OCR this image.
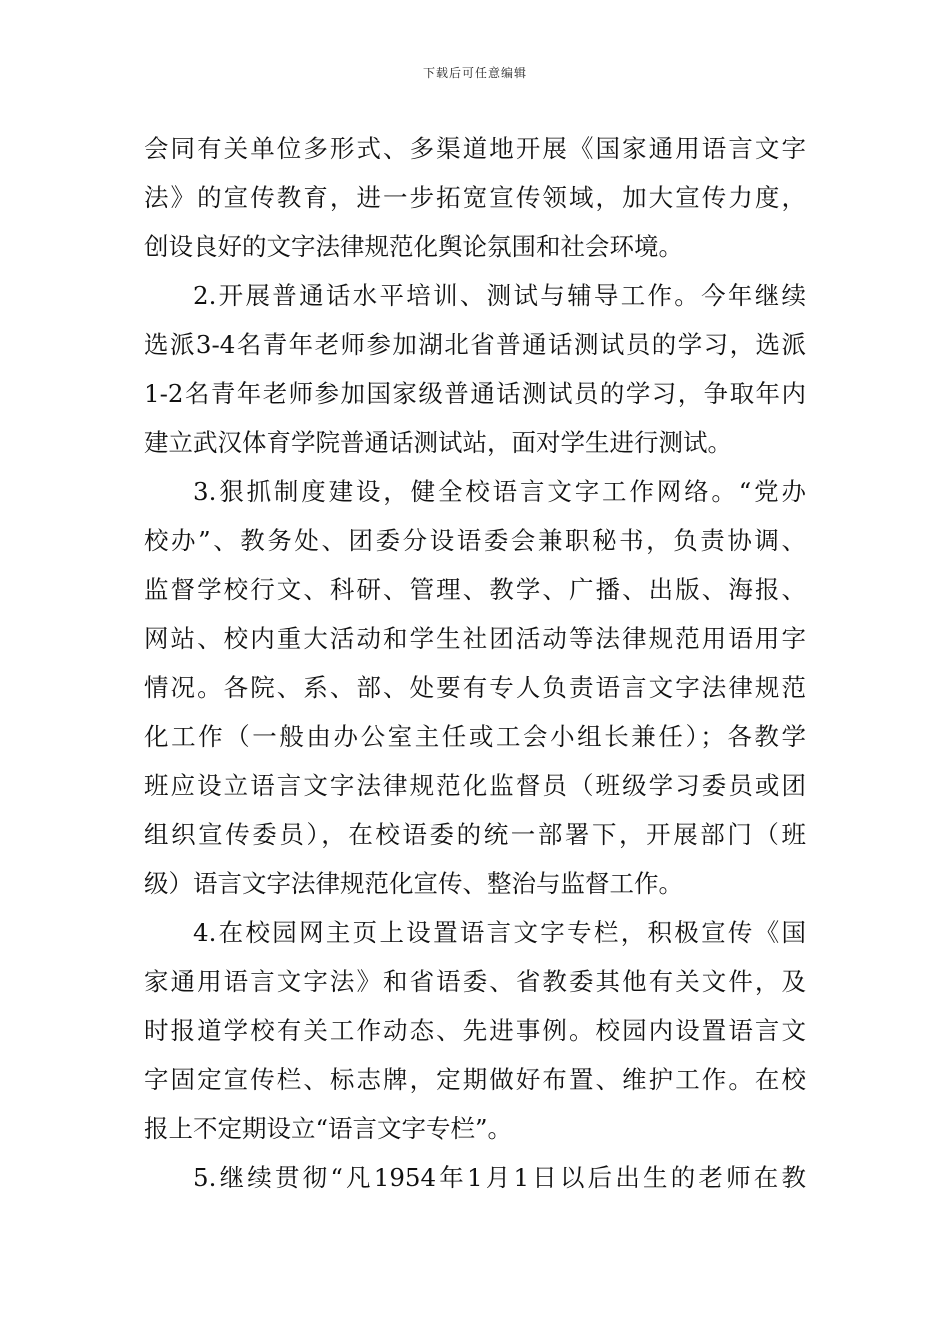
下载后可任意编辑
会同有关单位多形式、多渠道地开展《国家通用语言文字
法》的宣传教育，进一步拓宽宣传领域，加大宣传力度，
创设良好的文字法律规范化舆论氛围和社会环境。
2.开展普通话水平培训、测试与辅导工作。今年继续
选派3-4名青年老师参加湖北省普通话测试员的学习，选派
1-2名青年老师参加国家级普通话测试员的学习，争取年内
建立武汉体育学院普通话测试站，面对学生进行测试。
3.狠抓制度建设，健全校语言文字工作网络。“党办
校办”、教务处、团委分设语委会兼职秘书，负责协调、
监督学校行文、科研、管理、教学、广播、出版、海报、
网站、校内重大活动和学生社团活动等法律规范用语用字
情况。各院、系、部、处要有专人负责语言文字法律规范
化工作（一般由办公室主任或工会小组长兼任）；各教学
班应设立语言文字法律规范化监督员（班级学习委员或团
组织宣传委员），在校语委的统一部署下，开展部门（班
级）语言文字法律规范化宣传、整治与监督工作。
4.在校园网主页上设置语言文字专栏，积极宣传《国
家通用语言文字法》和省语委、省教委其他有关文件，及
时报道学校有关工作动态、先进事例。校园内设置语言文
字固定宣传栏、标志牌，定期做好布置、维护工作。在校
报上不定期设立“语言文字专栏”。
5.继续贯彻“凡1954年1月1日以后出生的老师在教
